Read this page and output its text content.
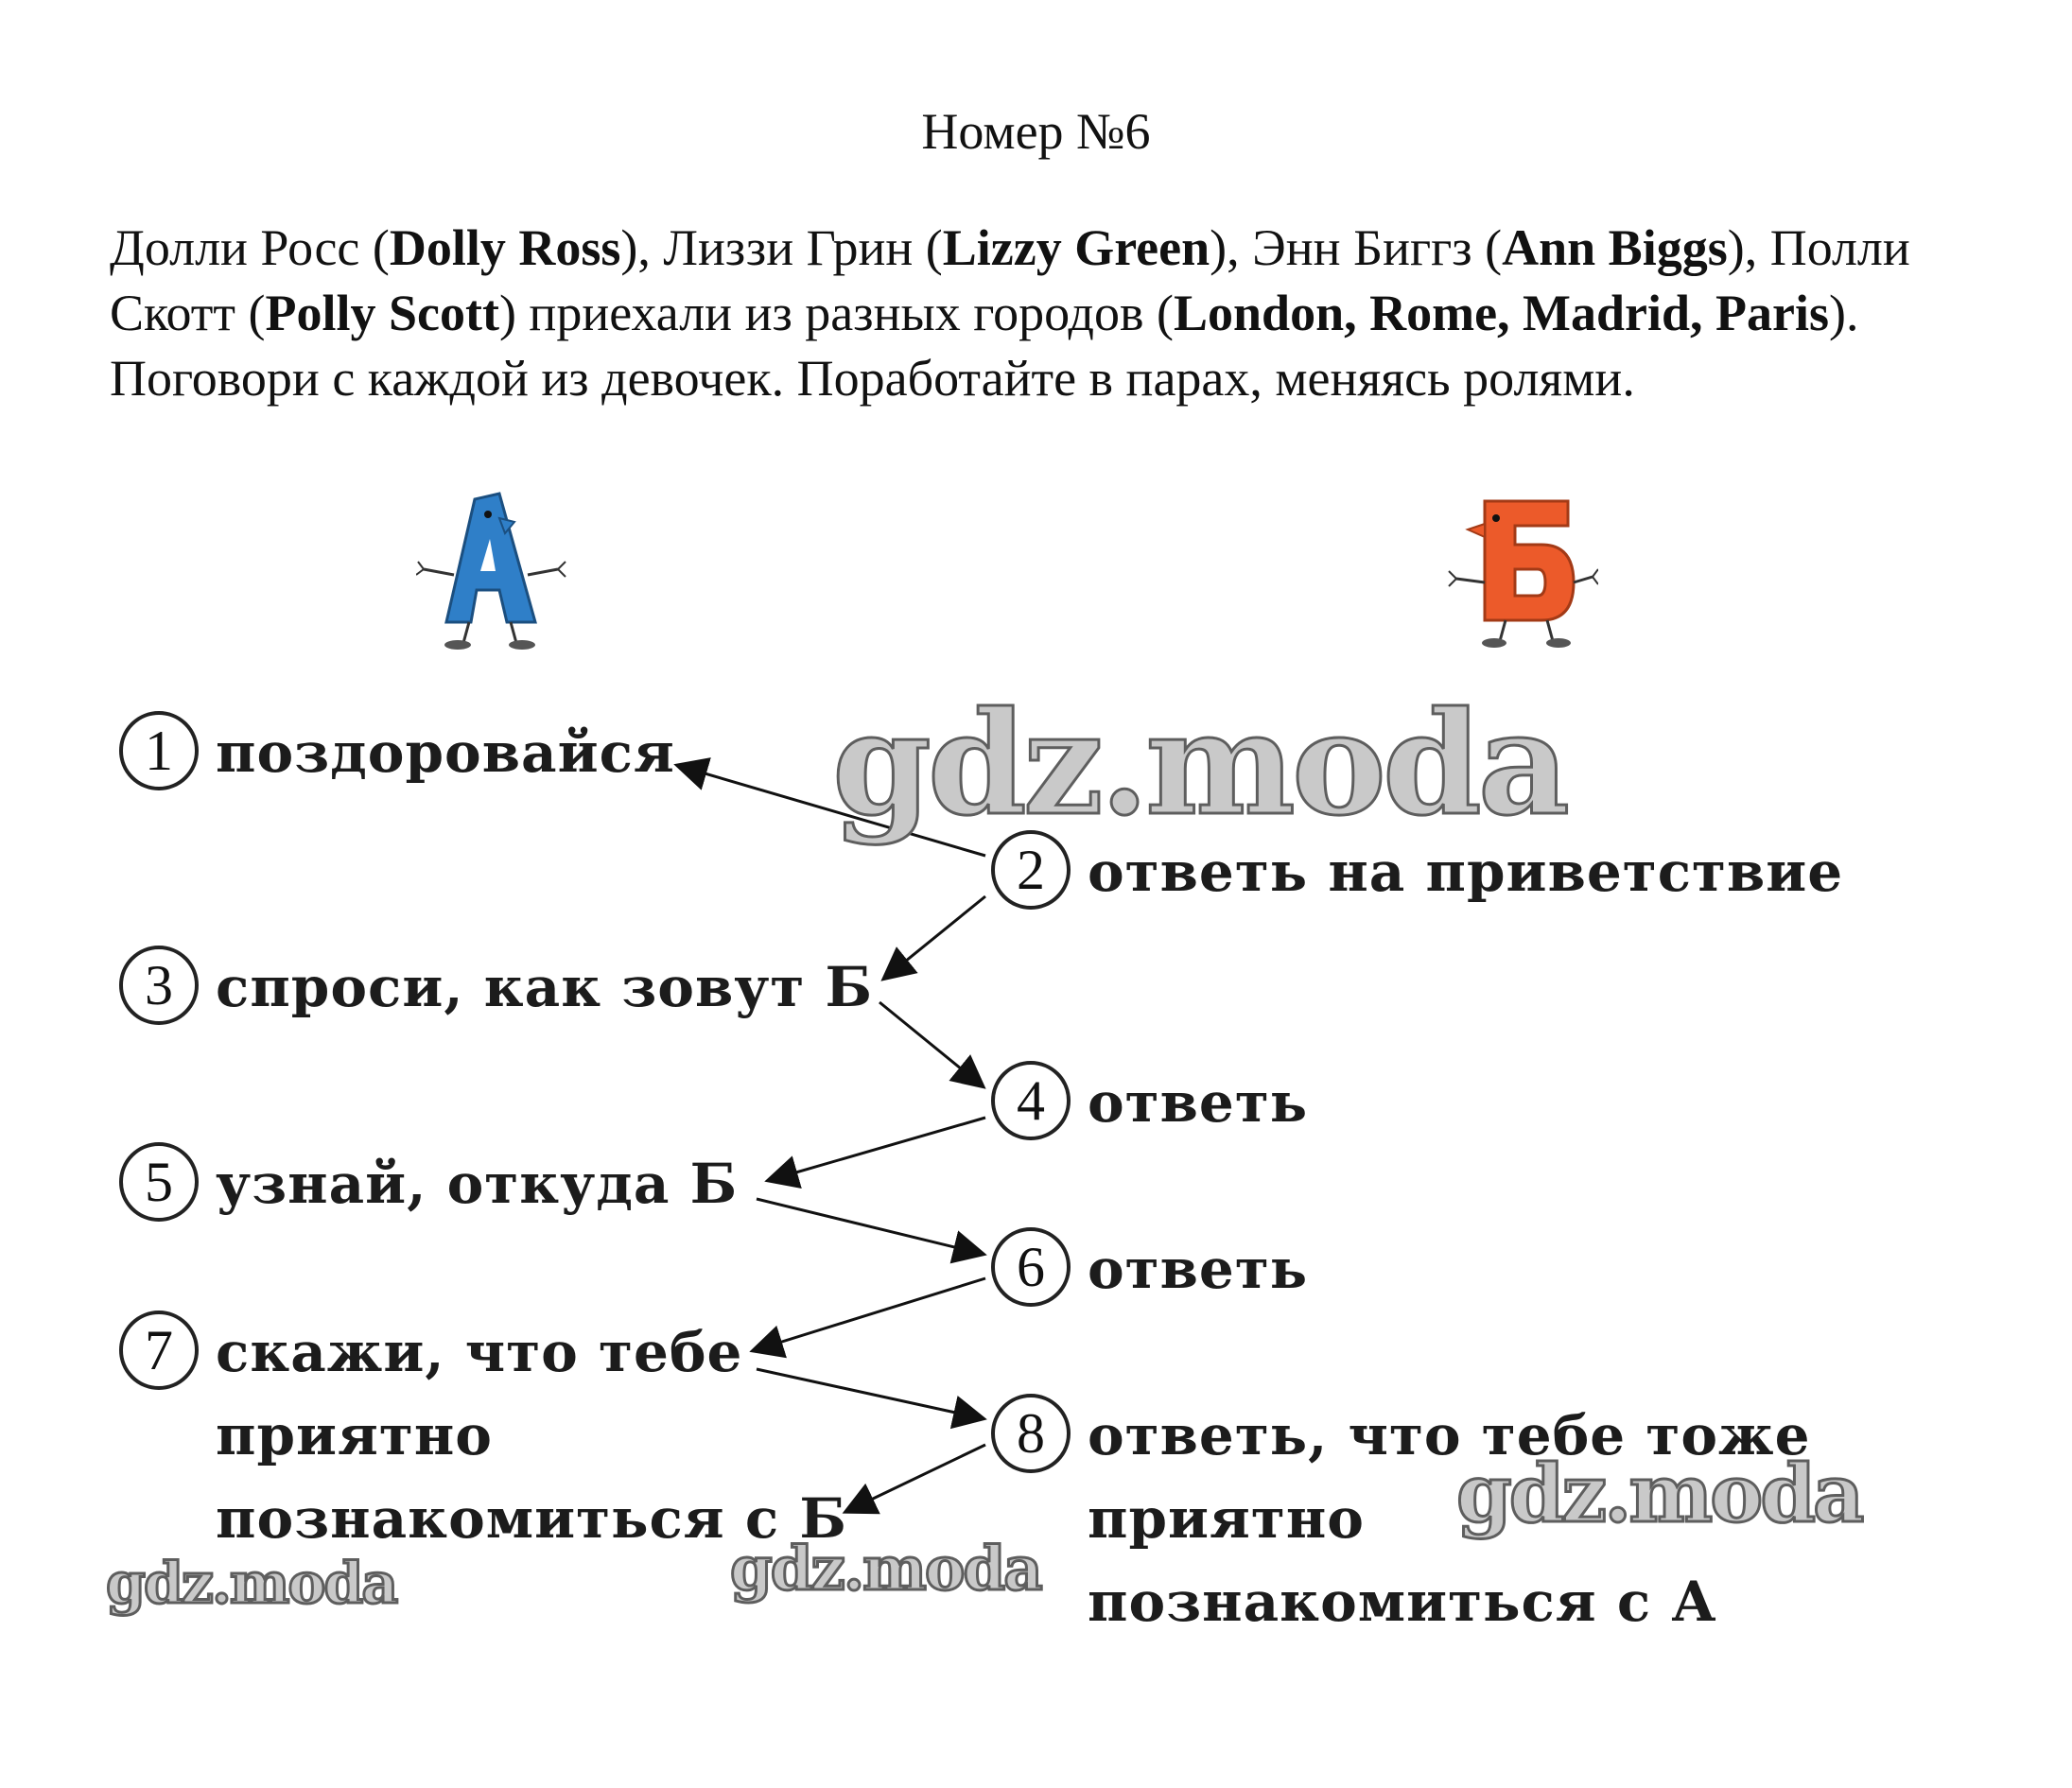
Номер №6
Долли Росс (Dolly Ross), Лиззи Грин (Lizzy Green), Энн Биггз (Ann Biggs), Полли Скотт (Polly Scott) приехали из разных городов (London, Rome, Madrid, Paris). Поговори с каждой из девочек. Поработайте в парах, меняясь ролями.
1 поздоровайся
3 спроси, как зовут Б
5 узнай, откуда Б
7 скажи, что тебе
приятно
познакомиться с Б
2 ответь на приветствие
4 ответь
6 ответь
8 ответь, что тебе тоже
приятно
познакомиться с А
gdz.moda
gdz.moda
gdz.moda	gdz.moda
